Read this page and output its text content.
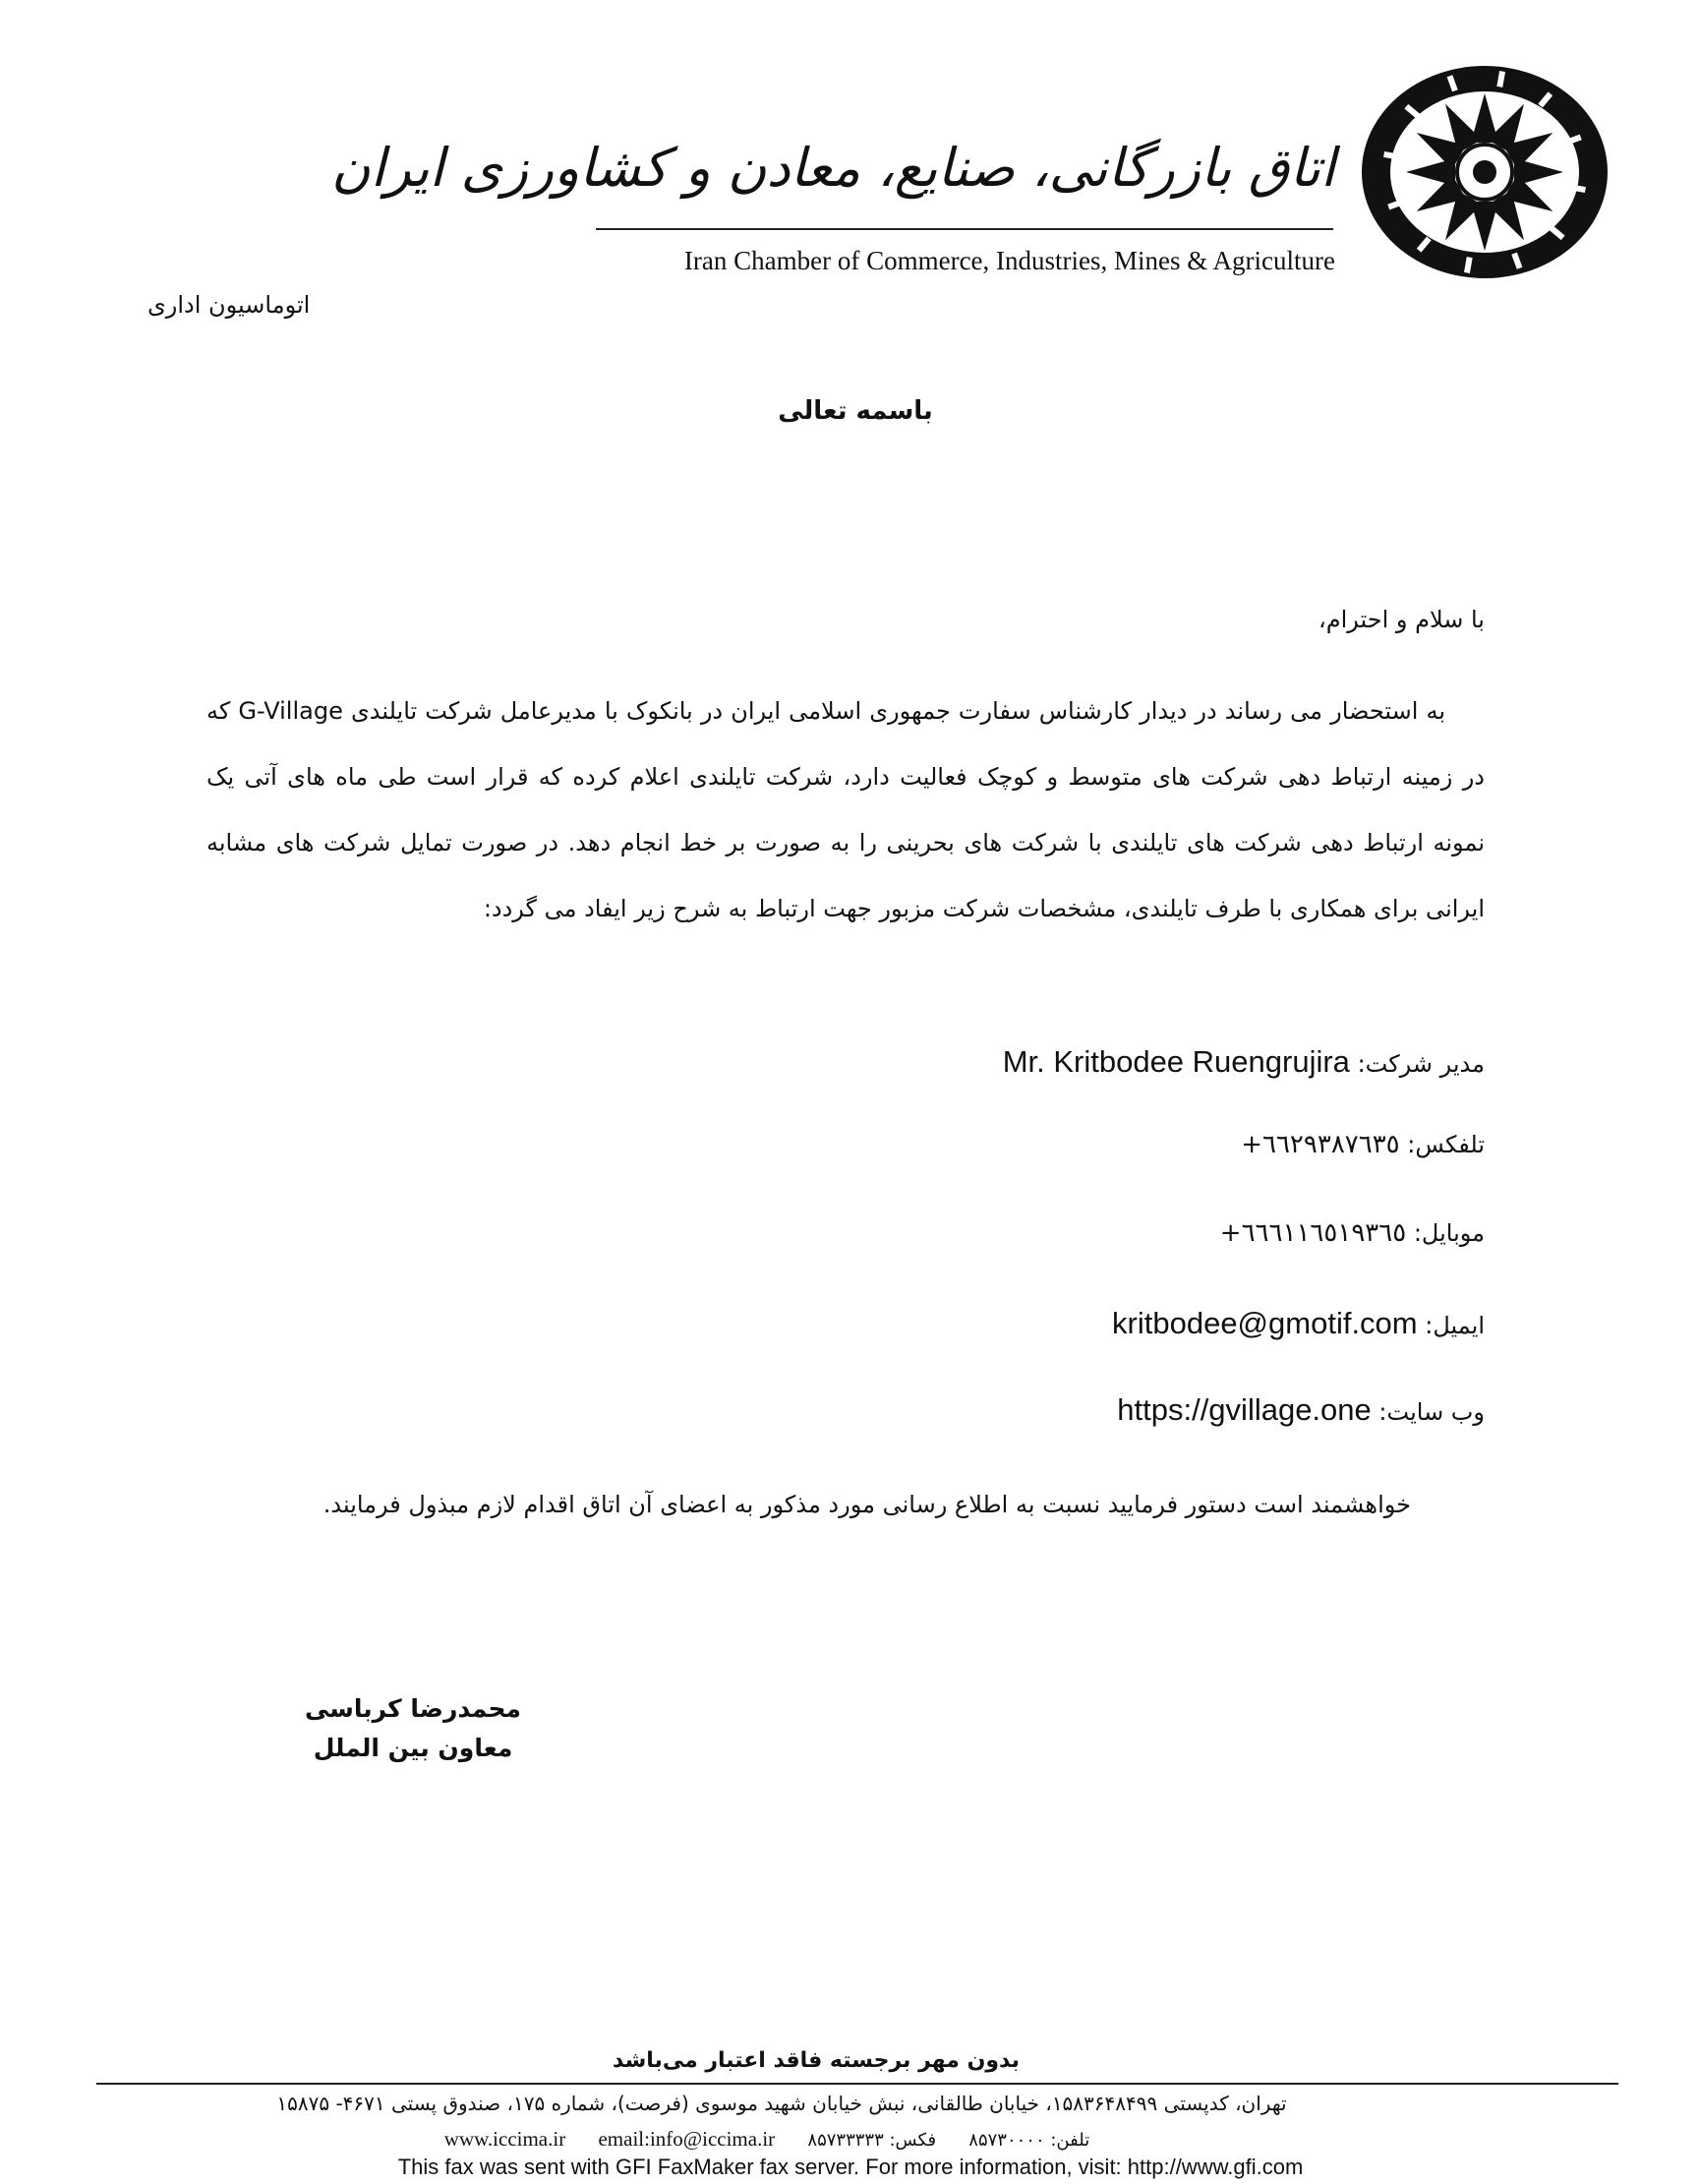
اتاق بازرگانی، صنایع، معادن و کشاورزی ایران
Iran Chamber of Commerce, Industries, Mines & Agriculture
اتوماسیون اداری
باسمه تعالی
با سلام و احترام،
به استحضار می رساند در دیدار کارشناس سفارت جمهوری اسلامی ایران در بانکوک با مدیرعامل شرکت تایلندی G-Village که در زمینه ارتباط دهی شرکت های متوسط و کوچک فعالیت دارد، شرکت تایلندی اعلام کرده که قرار است طی ماه های آتی یک نمونه ارتباط دهی شرکت های تایلندی با شرکت های بحرینی را به صورت بر خط انجام دهد. در صورت تمایل شرکت های مشابه ایرانی برای همکاری با طرف تایلندی، مشخصات شرکت مزبور جهت ارتباط به شرح زیر ایفاد می گردد:
مدیر شرکت: Mr. Kritbodee Ruengrujira
تلفکس: +٦٦٢٩٣٨٧٦٣٥
موبایل: +٦٦٦١١٦٥١٩٣٦٥
ایمیل: kritbodee@gmotif.com
وب سایت: https://gvillage.one
خواهشمند است دستور فرمایید نسبت به اطلاع رسانی مورد مذکور به اعضای آن اتاق اقدام لازم مبذول فرمایند.
محمدرضا کرباسی
معاون بین الملل
بدون مهر برجسته فاقد اعتبار می‌باشد
تهران، کدپستی ۱۵۸۳۶۴۸۴۹۹، خیابان طالقانی، نبش خیابان شهید موسوی (فرصت)، شماره ۱۷۵، صندوق پستی ۴۶۷۱- ۱۵۸۷۵
www.iccima.ir email:info@iccima.ir فکس: ۸۵۷۳۳۳۳۳ تلفن: ۸۵۷۳۰۰۰۰
This fax was sent with GFI FaxMaker fax server. For more information, visit: http://www.gfi.com
